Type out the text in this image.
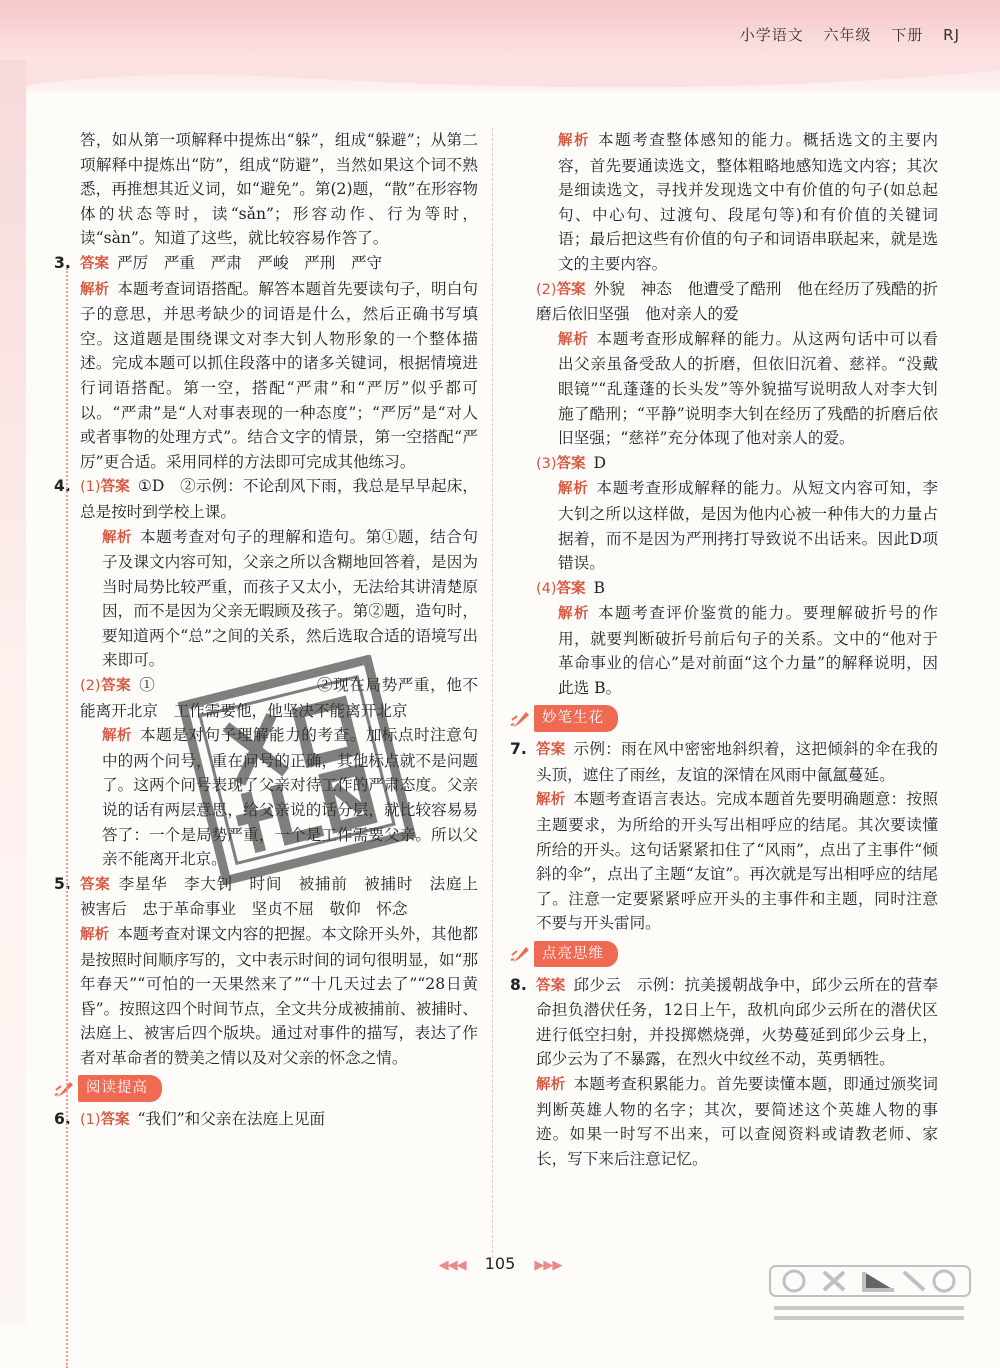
小学语文 六年级 下册 RJ

答，如从第一项解释中提炼出“躲”，组成“躲避”；从第二项解释中提炼出“防”，组成“防避”，当然如果这个词不熟悉，再推想其近义词，如“避免”。第(2)题，“散”在形容物体的状态等时，读“sǎn”；形容动作、行为等时，读“sàn”。知道了这些，就比较容易作答了。

3. 答案 严厉　严重　严肃　严峻　严刑　严守

解析 本题考查词语搭配。解答本题首先要读句子，明白句子的意思，并思考缺少的词语是什么，然后正确书写填空。这道题是围绕课文对李大钊人物形象的一个整体描述。完成本题可以抓住段落中的诸多关键词，根据情境进行词语搭配。第一空，搭配“严肃”和“严厉”似乎都可以。“严肃”是“人对事表现的一种态度”；“严厉”是“对人或者事物的处理方式”。结合文字的情景，第一空搭配“严厉”更合适。采用同样的方法即可完成其他练习。

4. (1)答案 ①D　②示例：不论刮风下雨，我总是早早起床，总是按时到学校上课。

解析 本题考查对句子的理解和造句。第①题，结合句子及课文内容可知，父亲之所以含糊地回答着，是因为当时局势比较严重，而孩子又太小，无法给其讲清楚原因，而不是因为父亲无暇顾及孩子。第②题，造句时，要知道两个“总”之间的关系，然后选取合适的语境写出来即可。

(2)答案 ①　　　　　　　　　　②现在局势严重，他不能离开北京　工作需要他，他坚决不能离开北京

解析 本题是对句子理解能力的考查。加标点时注意句中的两个问号，重在问号的正确，其他标点就不是问题了。这两个问号表现了父亲对待工作的严肃态度。父亲说的话有两层意思，给父亲说的话分层，就比较容易易答了：一个是局势严重，一个是工作需要父亲。所以父亲不能离开北京。

5. 答案 李星华　李大钊　时间　被捕前　被捕时　法庭上　被害后　忠于革命事业　坚贞不屈　敬仰　怀念

解析 本题考查对课文内容的把握。本文除开头外，其他都是按照时间顺序写的，文中表示时间的词句很明显，如“那年春天”“可怕的一天果然来了”“十几天过去了”“28日黄昏”。按照这四个时间节点，全文共分成被捕前、被捕时、法庭上、被害后四个版块。通过对事件的描写，表达了作者对革命者的赞美之情以及对父亲的怀念之情。

阅读提高
6. (1)答案 “我们”和父亲在法庭上见面

解析 本题考查整体感知的能力。概括选文的主要内容，首先要通读选文，整体粗略地感知选文内容；其次是细读选文，寻找并发现选文中有价值的句子(如总起句、中心句、过渡句、段尾句等)和有价值的关键词语；最后把这些有价值的句子和词语串联起来，就是选文的主要内容。

(2)答案 外貌　神态　他遭受了酷刑　他在经历了残酷的折磨后依旧坚强　他对亲人的爱

解析 本题考查形成解释的能力。从这两句话中可以看出父亲虽备受敌人的折磨，但依旧沉着、慈祥。“没戴眼镜”“乱蓬蓬的长头发”等外貌描写说明敌人对李大钊施了酷刑；“平静”说明李大钊在经历了残酷的折磨后依旧坚强；“慈祥”充分体现了他对亲人的爱。

(3)答案 D

解析 本题考查形成解释的能力。从短文内容可知，李大钊之所以这样做，是因为他内心被一种伟大的力量占据着，而不是因为严刑拷打导致说不出话来。因此D项错误。

(4)答案 B

解析 本题考查评价鉴赏的能力。要理解破折号的作用，就要判断破折号前后句子的关系。文中的“他对于革命事业的信心”是对前面“这个力量”的解释说明，因此选 B。

妙笔生花
7. 答案 示例：雨在风中密密地斜织着，这把倾斜的伞在我的头顶，遮住了雨丝，友谊的深情在风雨中氤氲蔓延。

解析 本题考查语言表达。完成本题首先要明确题意：按照主题要求，为所给的开头写出相呼应的结尾。其次要读懂所给的开头。这句话紧紧扣住了“风雨”，点出了主事件“倾斜的伞”，点出了主题“友谊”。再次就是写出相呼应的结尾了。注意一定要紧紧呼应开头的主事件和主题，同时注意不要与开头雷同。

点亮思维
8. 答案 邱少云　示例：抗美援朝战争中，邱少云所在的营奉命担负潜伏任务，12日上午，敌机向邱少云所在的潜伏区进行低空扫射，并投掷燃烧弹，火势蔓延到邱少云身上，邱少云为了不暴露，在烈火中纹丝不动，英勇牺牲。

解析 本题考查积累能力。首先要读懂本题，即通过颁奖词判断英雄人物的名字；其次，要简述这个英雄人物的事迹。如果一时写不出来，可以查阅资料或请教老师、家长，写下来后注意记忆。

◀◀◀ 105 ▶▶▶
